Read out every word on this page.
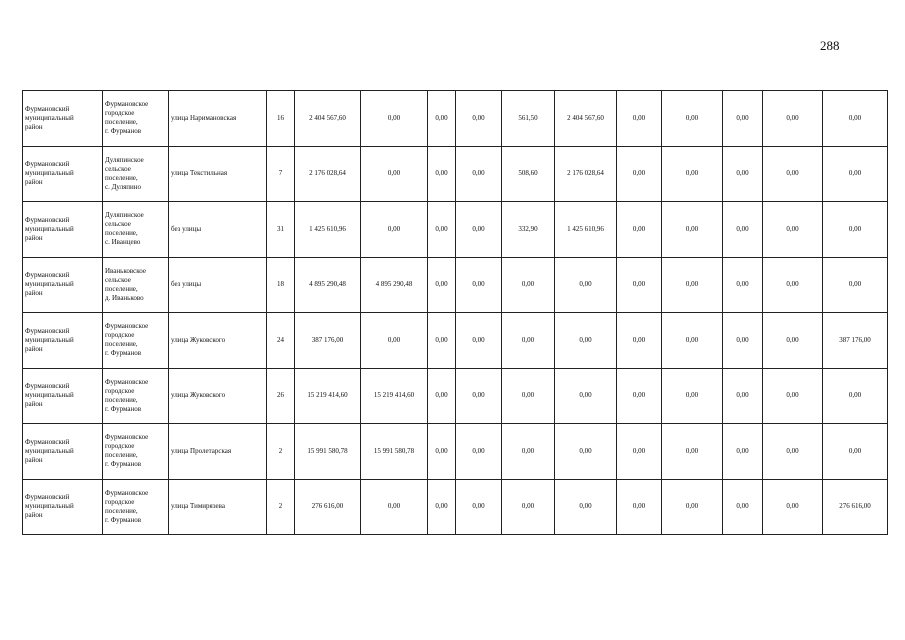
288
Фурмановский
муниципальный
район	Фурмановское
городское
поселение,
г. Фурманов	улица Наримановская	16	2 404 567,60	0,00	0,00	0,00	561,50	2 404 567,60	0,00	0,00	0,00	0,00	0,00
Фурмановский
муниципальный
район	Дуляпинское
сельское
поселение,
с. Дуляпино	улица Текстильная	7	2 176 028,64	0,00	0,00	0,00	508,60	2 176 028,64	0,00	0,00	0,00	0,00	0,00
Фурмановский
муниципальный
район	Дуляпинское
сельское
поселение,
с. Иванцево	без улицы	31	1 425 610,96	0,00	0,00	0,00	332,90	1 425 610,96	0,00	0,00	0,00	0,00	0,00
Фурмановский
муниципальный
район	Иваньковское
сельское
поселение,
д. Иваньково	без улицы	18	4 895 290,48	4 895 290,48	0,00	0,00	0,00	0,00	0,00	0,00	0,00	0,00	0,00
Фурмановский
муниципальный
район	Фурмановское
городское
поселение,
г. Фурманов	улица Жуковского	24	387 176,00	0,00	0,00	0,00	0,00	0,00	0,00	0,00	0,00	0,00	387 176,00
Фурмановский
муниципальный
район	Фурмановское
городское
поселение,
г. Фурманов	улица Жуковского	26	15 219 414,60	15 219 414,60	0,00	0,00	0,00	0,00	0,00	0,00	0,00	0,00	0,00
Фурмановский
муниципальный
район	Фурмановское
городское
поселение,
г. Фурманов	улица Пролетарская	2	15 991 580,78	15 991 580,78	0,00	0,00	0,00	0,00	0,00	0,00	0,00	0,00	0,00
Фурмановский
муниципальный
район	Фурмановское
городское
поселение,
г. Фурманов	улица Тимирязева	2	276 616,00	0,00	0,00	0,00	0,00	0,00	0,00	0,00	0,00	0,00	276 616,00
